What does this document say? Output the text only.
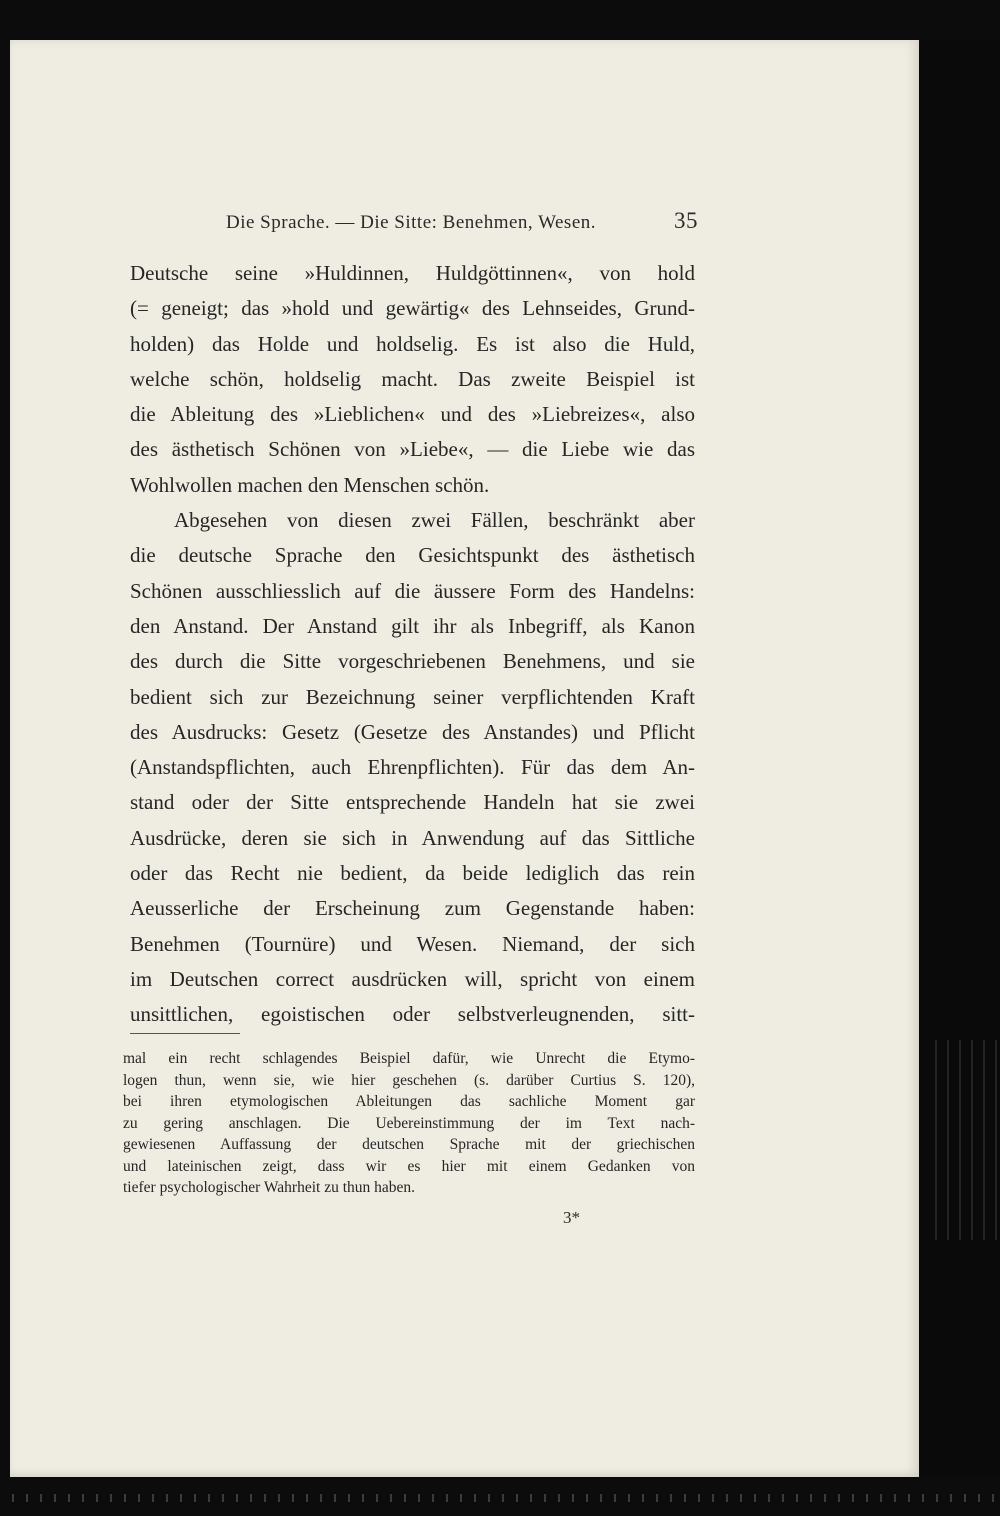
Die Sprache. — Die Sitte: Benehmen, Wesen.	35
Deutsche seine »Huldinnen, Huldgöttinnen«, von hold
(= geneigt; das »hold und gewärtig« des Lehnseides, Grund-
holden) das Holde und holdselig. Es ist also die Huld,
welche schön, holdselig macht. Das zweite Beispiel ist
die Ableitung des »Lieblichen« und des »Liebreizes«, also
des ästhetisch Schönen von »Liebe«, — die Liebe wie das
Wohlwollen machen den Menschen schön.
Abgesehen von diesen zwei Fällen, beschränkt aber
die deutsche Sprache den Gesichtspunkt des ästhetisch
Schönen ausschliesslich auf die äussere Form des Handelns:
den Anstand. Der Anstand gilt ihr als Inbegriff, als Kanon
des durch die Sitte vorgeschriebenen Benehmens, und sie
bedient sich zur Bezeichnung seiner verpflichtenden Kraft
des Ausdrucks: Gesetz (Gesetze des Anstandes) und Pflicht
(Anstandspflichten, auch Ehrenpflichten). Für das dem An-
stand oder der Sitte entsprechende Handeln hat sie zwei
Ausdrücke, deren sie sich in Anwendung auf das Sittliche
oder das Recht nie bedient, da beide lediglich das rein
Aeusserliche der Erscheinung zum Gegenstande haben:
Benehmen (Tournüre) und Wesen. Niemand, der sich
im Deutschen correct ausdrücken will, spricht von einem
unsittlichen, egoistischen oder selbstverleugnenden, sitt-
mal ein recht schlagendes Beispiel dafür, wie Unrecht die Etymo-
logen thun, wenn sie, wie hier geschehen (s. darüber Curtius S. 120),
bei ihren etymologischen Ableitungen das sachliche Moment gar
zu gering anschlagen. Die Uebereinstimmung der im Text nach-
gewiesenen Auffassung der deutschen Sprache mit der griechischen
und lateinischen zeigt, dass wir es hier mit einem Gedanken von
tiefer psychologischer Wahrheit zu thun haben.
3*
